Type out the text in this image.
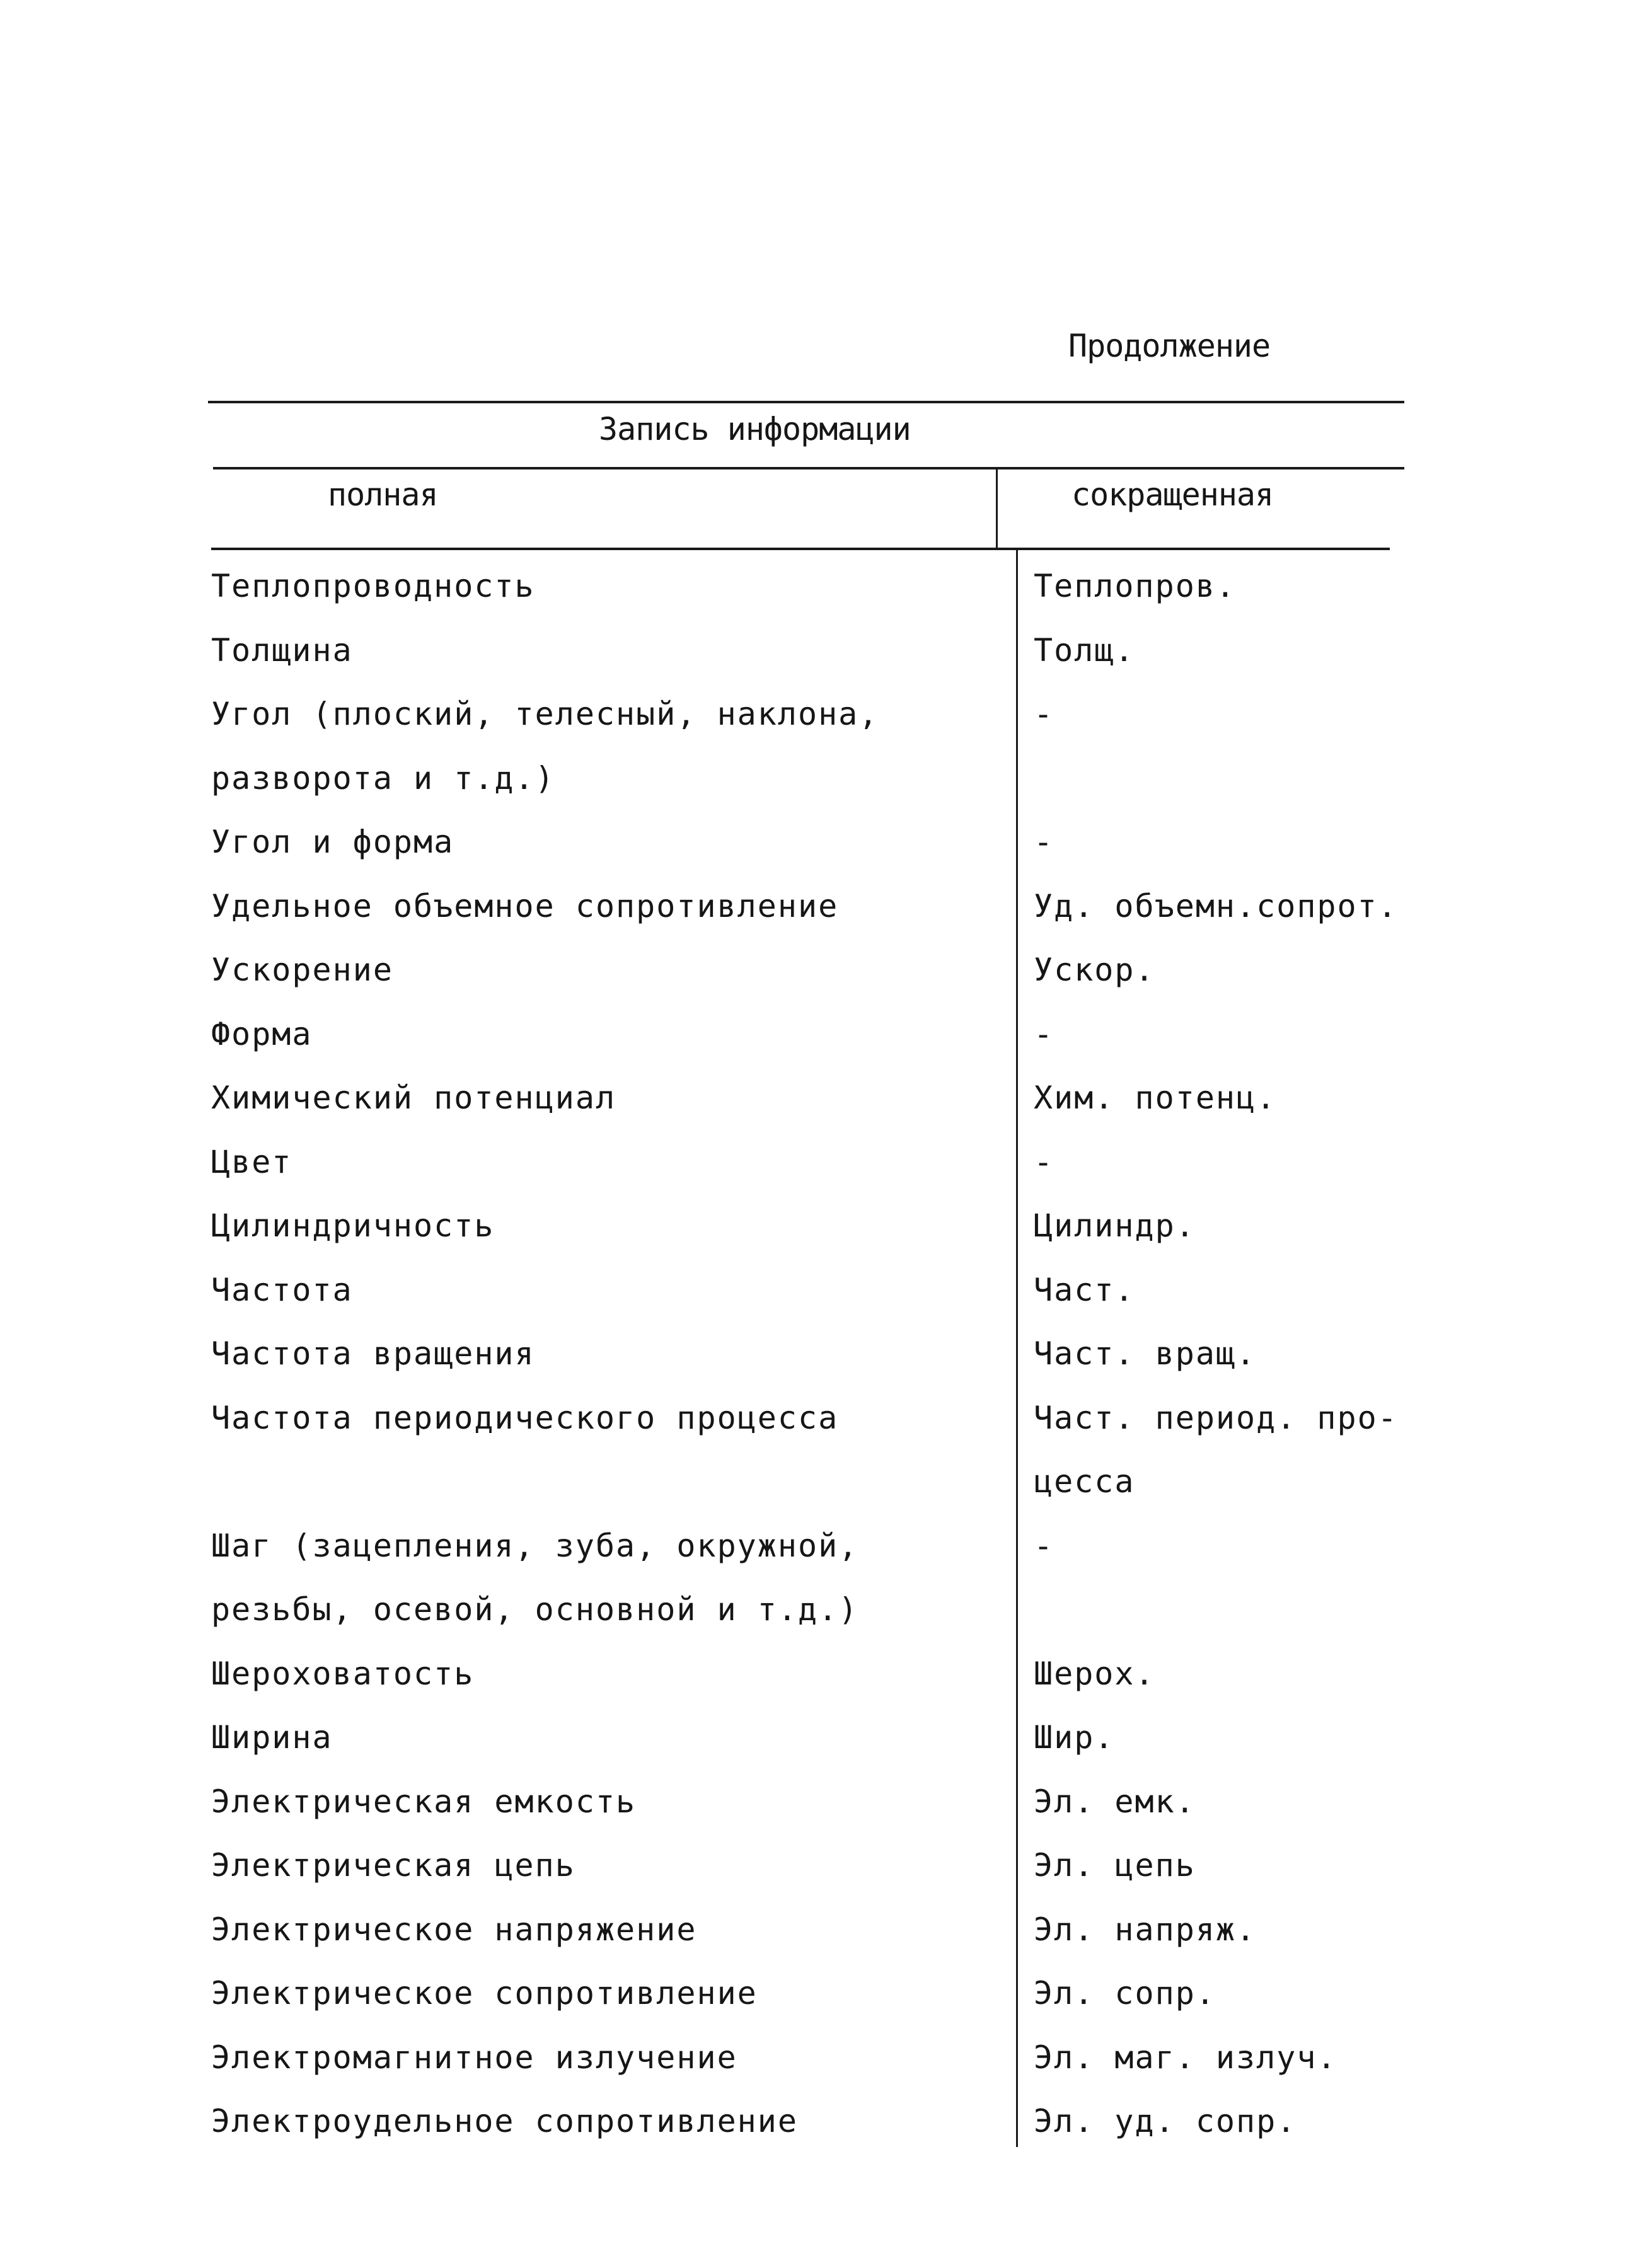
Продолжение
Запись информации
полная	сокращенная
Теплопроводность	Теплопров.
Толщина	Толщ.
Угол (плоский, телесный, наклона,	-
разворота и т.д.)
Угол и форма	-
Удельное объемное сопротивление	Уд. объемн.сопрот.
Ускорение	Ускор.
Форма	-
Химический потенциал	Хим. потенц.
Цвет	-
Цилиндричность	Цилиндр.
Частота	Част.
Частота вращения	Част. вращ.
Частота периодического процесса	Част. период. про-
цесса
Шаг (зацепления, зуба, окружной,	-
резьбы, осевой, основной и т.д.)
Шероховатость	Шерох.
Ширина	Шир.
Электрическая емкость	Эл. емк.
Электрическая цепь	Эл. цепь
Электрическое напряжение	Эл. напряж.
Электрическое сопротивление	Эл. сопр.
Электромагнитное излучение	Эл. маг. излуч.
Электроудельное сопротивление	Эл. уд. сопр.
